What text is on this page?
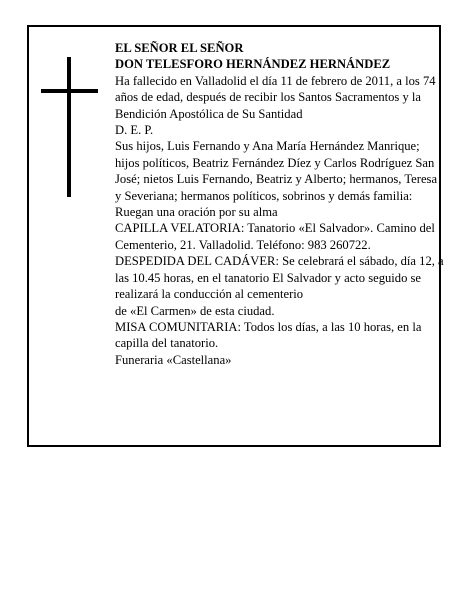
EL SEÑOR EL SEÑOR

DON TELESFORO HERNÁNDEZ HERNÁNDEZ

Ha fallecido en Valladolid el día 11 de febrero de 2011, a los 74 años de edad, después de recibir los Santos Sacramentos y la Bendición Apostólica de Su Santidad

D. E. P.

Sus hijos, Luis Fernando y Ana María Hernández Manrique; hijos políticos, Beatriz Fernández Díez y Carlos Rodríguez San José; nietos Luis Fernando, Beatriz y Alberto; hermanos, Teresa y Severiana; hermanos políticos, sobrinos y demás familia:

Ruegan una oración por su alma

CAPILLA VELATORIA: Tanatorio «El Salvador». Camino del Cementerio, 21. Valladolid. Teléfono: 983 260722.

DESPEDIDA DEL CADÁVER: Se celebrará el sábado, día 12, a las 10.45 horas, en el tanatorio El Salvador y acto seguido se realizará la conducción al cementerio

de «El Carmen» de esta ciudad.

MISA COMUNITARIA: Todos los días, a las 10 horas, en la capilla del tanatorio.

Funeraria «Castellana»
